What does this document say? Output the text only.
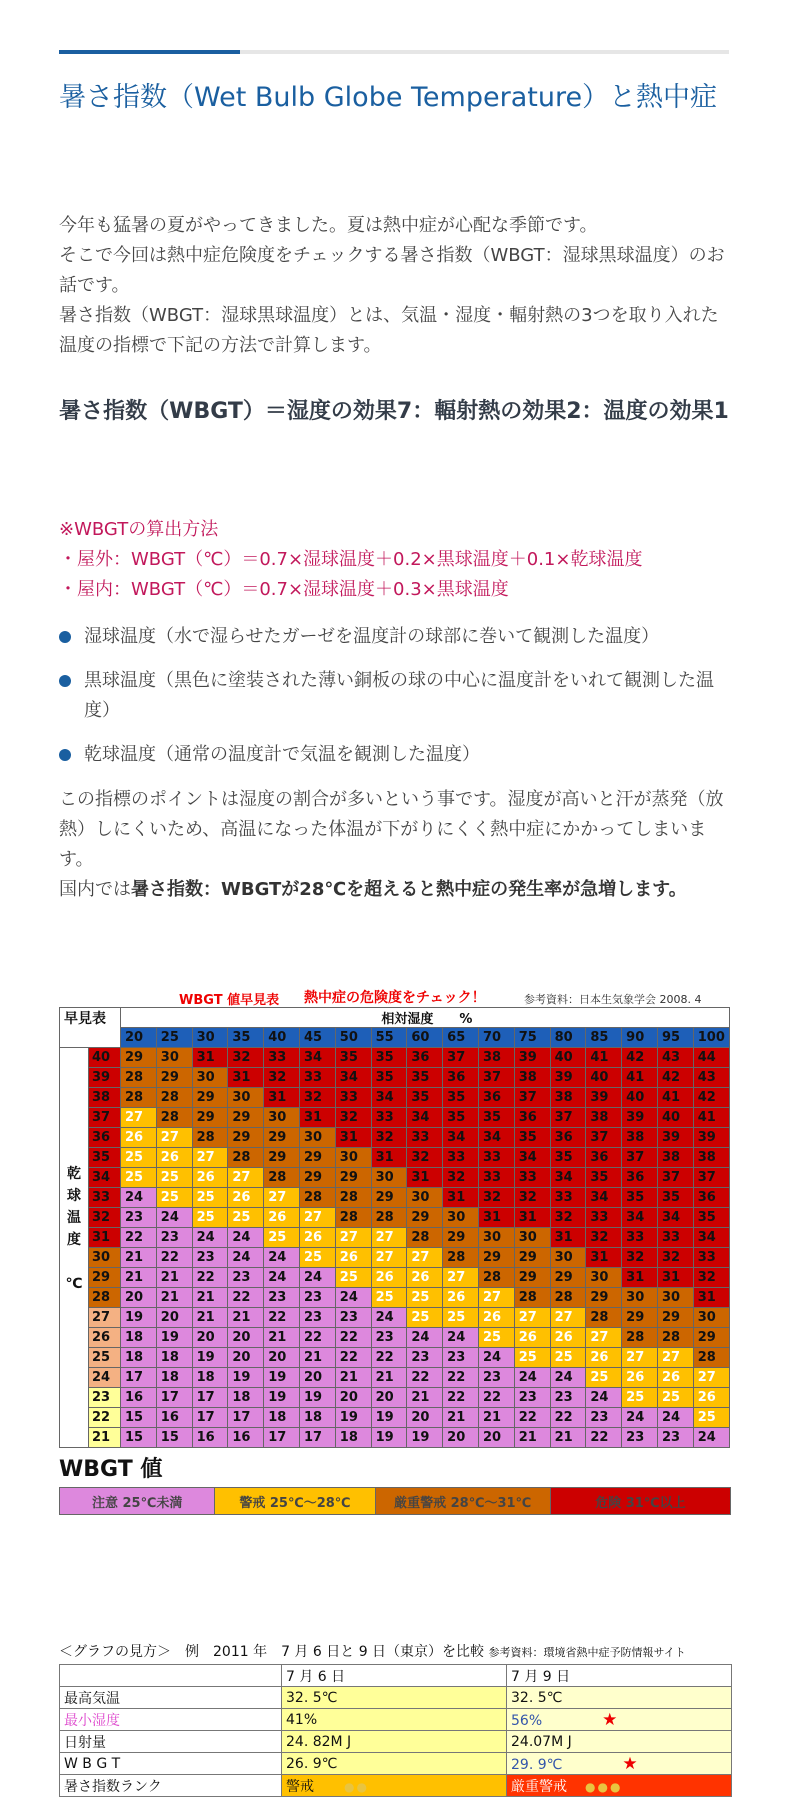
暑さ指数（Wet Bulb Globe Temperature）と熱中症
今年も猛暑の夏がやってきました。夏は熱中症が心配な季節です。
そこで今回は熱中症危険度をチェックする暑さ指数（WBGT：湿球黒球温度）のお話です。
暑さ指数（WBGT：湿球黒球温度）とは、気温・湿度・輻射熱の3つを取り入れた温度の指標で下記の方法で計算します。
暑さ指数（WBGT）＝湿度の効果7：輻射熱の効果2：温度の効果1
※WBGTの算出方法
・屋外：WBGT（℃）＝0.7×湿球温度＋0.2×黒球温度＋0.1×乾球温度
・屋内：WBGT（℃）＝0.7×湿球温度＋0.3×黒球温度
湿球温度（水で湿らせたガーゼを温度計の球部に巻いて観測した温度）
黒球温度（黒色に塗装された薄い銅板の球の中心に温度計をいれて観測した温度）
乾球温度（通常の温度計で気温を観測した温度）
この指標のポイントは湿度の割合が多いという事です。湿度が高いと汗が蒸発（放熱）しにくいため、高温になった体温が下がりにくく熱中症にかかってしまいます。
国内では暑さ指数：WBGTが28℃を超えると熱中症の発生率が急増します。
WBGT 値早見表 熱中症の危険度をチェック！	参考資料：日本生気象学会 2008. 4
早見表		相対湿度　　%																
		20	25	30	35	40	45	50	55	60	65	70	75	80	85	90	95	100

乾
球
温
度

℃	40	29	30	31	32	33	34	35	35	36	37	38	39	40	41	42	43	44
	39	28	29	30	31	32	33	34	35	35	36	37	38	39	40	41	42	43
	38	28	28	29	30	31	32	33	34	35	35	36	37	38	39	40	41	42
	37	27	28	29	29	30	31	32	33	34	35	35	36	37	38	39	40	41
	36	26	27	28	29	29	30	31	32	33	34	34	35	36	37	38	39	39
	35	25	26	27	28	29	29	30	31	32	33	33	34	35	36	37	38	38
	34	25	25	26	27	28	29	29	30	31	32	33	33	34	35	36	37	37
	33	24	25	25	26	27	28	28	29	30	31	32	32	33	34	35	35	36
	32	23	24	25	25	26	27	28	28	29	30	31	31	32	33	34	34	35
	31	22	23	24	24	25	26	27	27	28	29	30	30	31	32	33	33	34
	30	21	22	23	24	24	25	26	27	27	28	29	29	30	31	32	32	33
	29	21	21	22	23	24	24	25	26	26	27	28	29	29	30	31	31	32
	28	20	21	21	22	23	23	24	25	25	26	27	28	28	29	30	30	31
	27	19	20	21	21	22	23	23	24	25	25	26	27	27	28	29	29	30
	26	18	19	20	20	21	22	22	23	24	24	25	26	26	27	28	28	29
	25	18	18	19	20	20	21	22	22	23	23	24	25	25	26	27	27	28
	24	17	18	18	19	19	20	21	21	22	22	23	24	24	25	26	26	27
	23	16	17	17	18	19	19	20	20	21	22	22	23	23	24	25	25	26
	22	15	16	17	17	18	18	19	19	20	21	21	22	22	23	24	24	25
	21	15	15	16	16	17	17	18	19	19	20	20	21	21	22	23	23	24
WBGT 値
注意 25℃未満	警戒 25℃～28℃	厳重警戒 28℃～31℃	危険 31℃以上
＜グラフの見方＞　例　2011 年　7 月 6 日と 9 日（東京）を比較 参考資料：環境省熱中症予防情報サイト
	7 月 6 日	7 月 9 日
最高気温	32. 5℃	32. 5℃
最小湿度	41%	56% ★
日射量	24. 82M J	24.07M J
W B G T	26. 9℃	29. 9℃ ★
暑さ指数ランク	警戒 ●●	厳重警戒 ●●●
